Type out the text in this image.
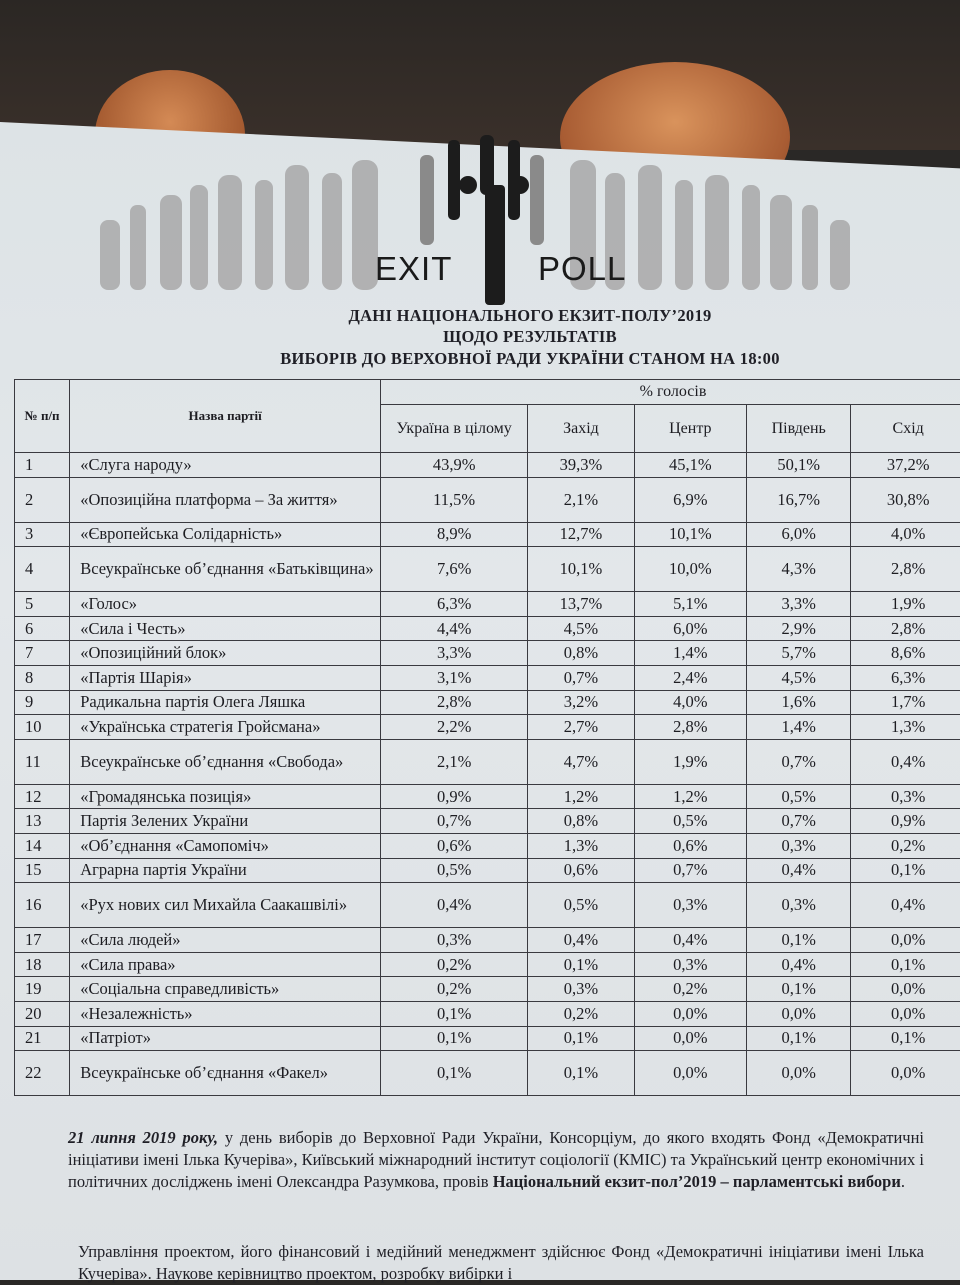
EXIT	POLL
ДАНІ НАЦІОНАЛЬНОГО ЕКЗИТ-ПОЛУ’2019
ЩОДО РЕЗУЛЬТАТІВ
ВИБОРІВ ДО ВЕРХОВНОЇ РАДИ УКРАЇНИ СТАНОМ НА 18:00
№ п/п	Назва партії	% голосів				
		Україна в цілому	Захід	Центр	Південь	Схід
1	«Слуга народу»	43,9%	39,3%	45,1%	50,1%	37,2%
2	«Опозиційна платформа – За життя»	11,5%	2,1%	6,9%	16,7%	30,8%
3	«Європейська Солідарність»	8,9%	12,7%	10,1%	6,0%	4,0%
4	Всеукраїнське об’єднання «Батьківщина»	7,6%	10,1%	10,0%	4,3%	2,8%
5	«Голос»	6,3%	13,7%	5,1%	3,3%	1,9%
6	«Сила і Честь»	4,4%	4,5%	6,0%	2,9%	2,8%
7	«Опозиційний блок»	3,3%	0,8%	1,4%	5,7%	8,6%
8	«Партія Шарія»	3,1%	0,7%	2,4%	4,5%	6,3%
9	Радикальна партія Олега Ляшка	2,8%	3,2%	4,0%	1,6%	1,7%
10	«Українська стратегія Гройсмана»	2,2%	2,7%	2,8%	1,4%	1,3%
11	Всеукраїнське об’єднання «Свобода»	2,1%	4,7%	1,9%	0,7%	0,4%
12	«Громадянська позиція»	0,9%	1,2%	1,2%	0,5%	0,3%
13	Партія Зелених України	0,7%	0,8%	0,5%	0,7%	0,9%
14	«Об’єднання «Самопоміч»	0,6%	1,3%	0,6%	0,3%	0,2%
15	Аграрна партія України	0,5%	0,6%	0,7%	0,4%	0,1%
16	«Рух нових сил Михайла Саакашвілі»	0,4%	0,5%	0,3%	0,3%	0,4%
17	«Сила людей»	0,3%	0,4%	0,4%	0,1%	0,0%
18	«Сила права»	0,2%	0,1%	0,3%	0,4%	0,1%
19	«Соціальна справедливість»	0,2%	0,3%	0,2%	0,1%	0,0%
20	«Незалежність»	0,1%	0,2%	0,0%	0,0%	0,0%
21	«Патріот»	0,1%	0,1%	0,0%	0,1%	0,1%
22	Всеукраїнське об’єднання «Факел»	0,1%	0,1%	0,0%	0,0%	0,0%
21 липня 2019 року, у день виборів до Верховної Ради України, Консорціум, до якого входять Фонд «Демократичні ініціативи імені Ілька Кучеріва», Київський міжнародний інститут соціології (КМІС) та Український центр економічних і політичних досліджень імені Олександра Разумкова, провів Національний екзит-пол’2019 – парламентські вибори.
Управління проектом, його фінансовий і медійний менеджмент здійснює Фонд «Демократичні ініціативи імені Ілька Кучеріва». Наукове керівництво проектом, розробку вибірки і
